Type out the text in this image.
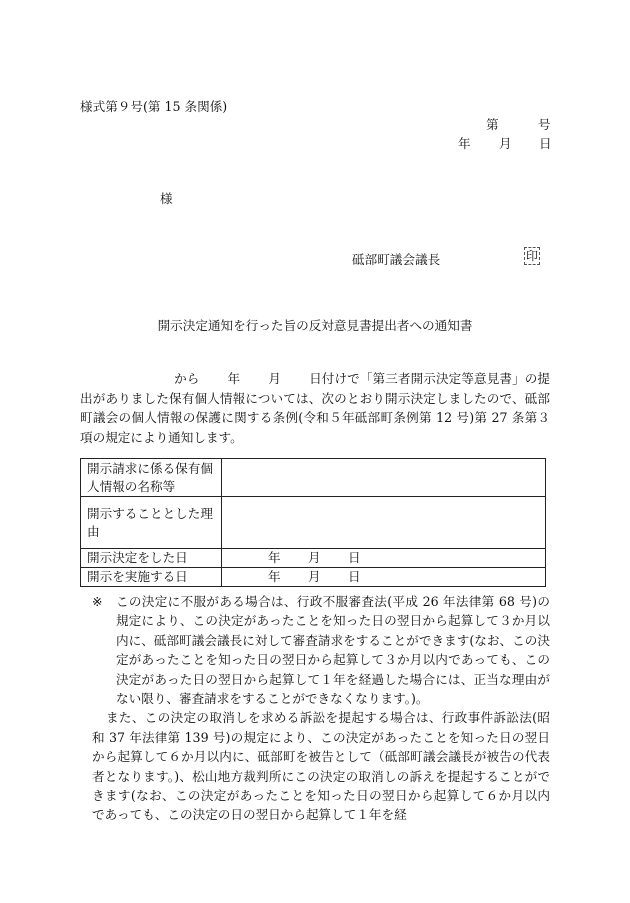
様式第９号(第 15 条関係)
第	号
年 月 日
様
砥部町議会議長	印
開示決定通知を行った旨の反対意見書提出者への通知書

から 年 月 日付けで「第三者開示決定等意見書」の提出がありました保有個人情報については、次のとおり開示決定しましたので、砥部町議会の個人情報の保護に関する条例(令和５年砥部町条例第 12 号)第 27 条第３項の規定により通知します。

開示請求に係る保有個人情報の名称等	
開示することとした理由	
開示決定をした日	年 月 日

開示を実施する日	年 月 日
※ この決定に不服がある場合は、行政不服審査法(平成 26 年法律第 68 号)の規定により、この決定があったことを知った日の翌日から起算して３か月以内に、砥部町議会議長に対して審査請求をすることができます(なお、この決定があったことを知った日の翌日から起算して３か月以内であっても、この決定があった日の翌日から起算して１年を経過した場合には、正当な理由がない限り、審査請求をすることができなくなります。)。
また、この決定の取消しを求める訴訟を提起する場合は、行政事件訴訟法(昭和 37 年法律第 139 号)の規定により、この決定があったことを知った日の翌日から起算して６か月以内に、砥部町を被告として（砥部町議会議長が被告の代表者となります。)、松山地方裁判所にこの決定の取消しの訴えを提起することができます(なお、この決定があったことを知った日の翌日から起算して６か月以内であっても、この決定の日の翌日から起算して１年を経
